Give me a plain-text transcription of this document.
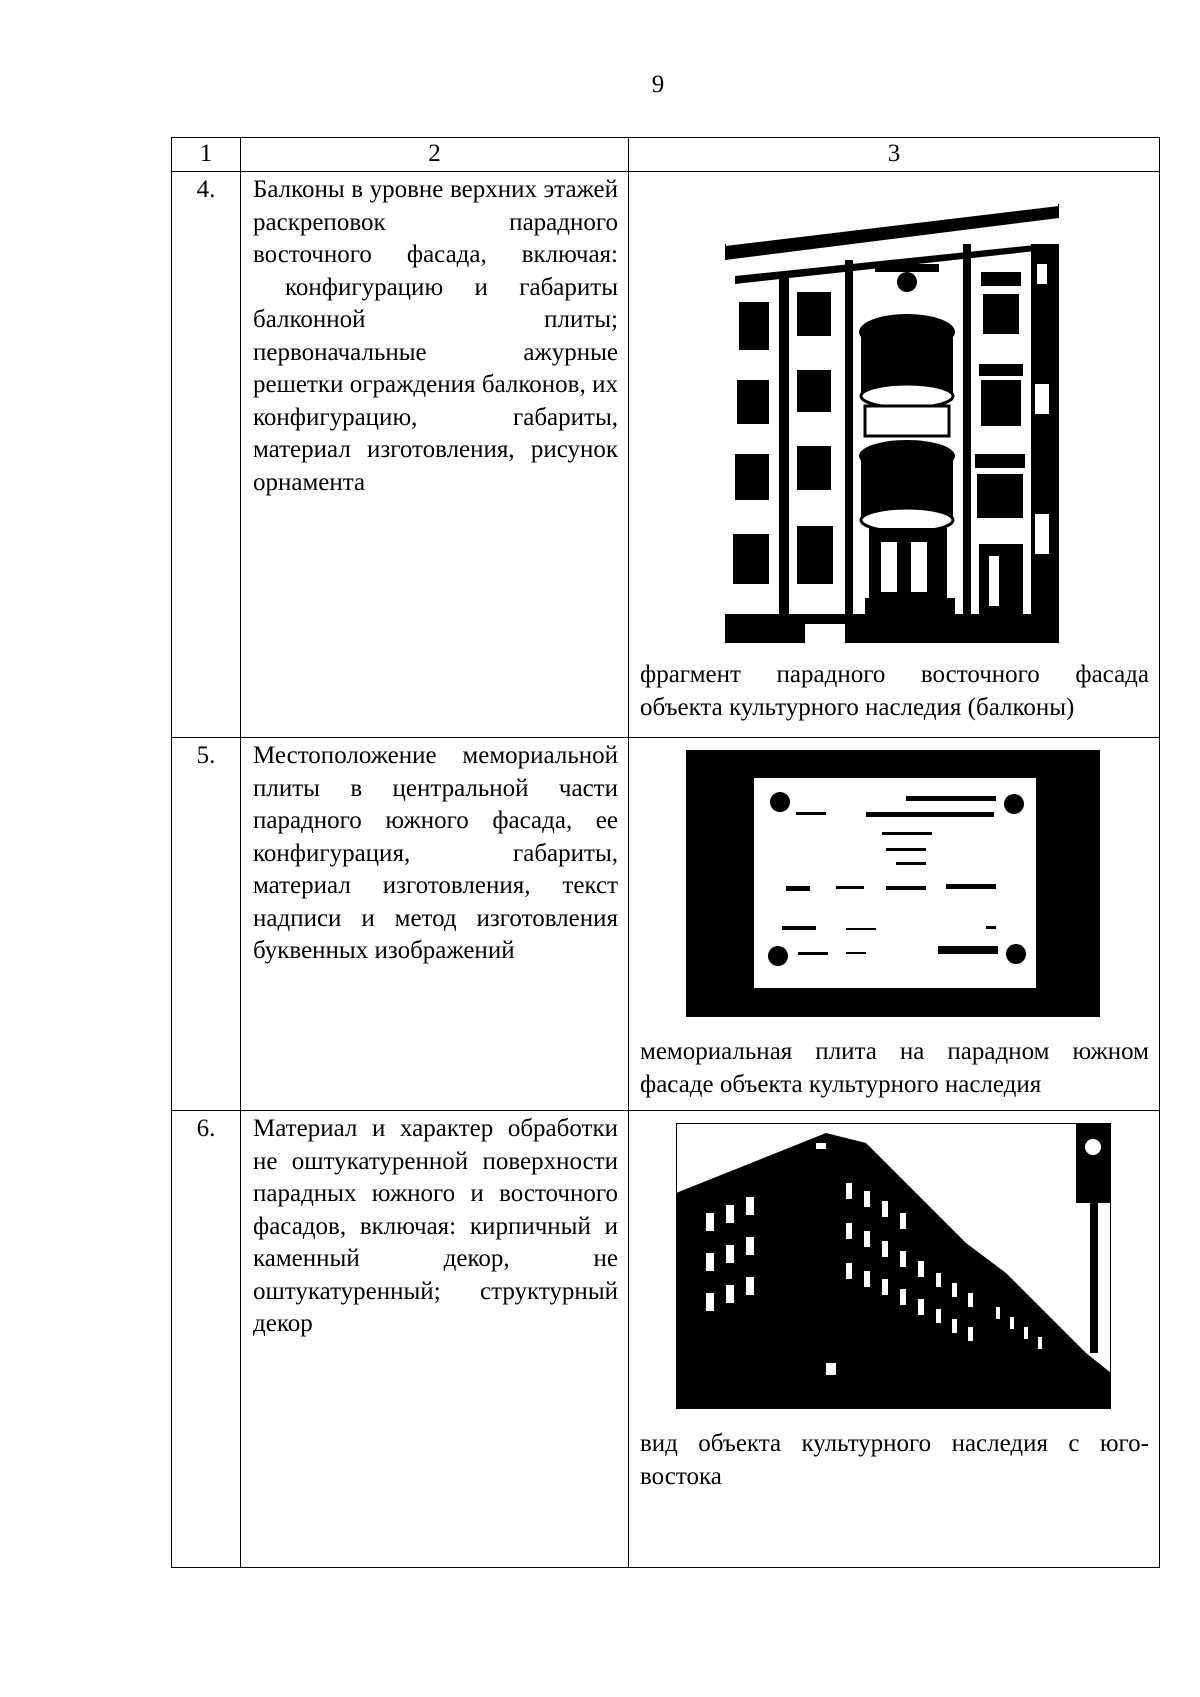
9
1	2	3
4.	Балконы в уровне верхних этажей раскреповок парадного восточного фасада, включая:

конфигурацию и габариты балконной плиты;

первоначальные ажурные решетки ограждения балконов, их конфигурацию, габариты, материал изготовления, рисунок орнамента	фрагмент парадного восточного фасада объекта культурного наследия (балконы)

5.	Местоположение мемориальной плиты в центральной части парадного южного фасада, ее конфигурация, габариты, материал изготовления, текст надписи и метод изготовления буквенных изображений	мемориальная плита на парадном южном фасаде объекта культурного наследия

6.	Материал и характер обработки не оштукатуренной поверхности парадных южного и восточного фасадов, включая: кирпичный и каменный декор, не оштукатуренный; структурный декор	вид объекта культурного наследия с юго-востока
